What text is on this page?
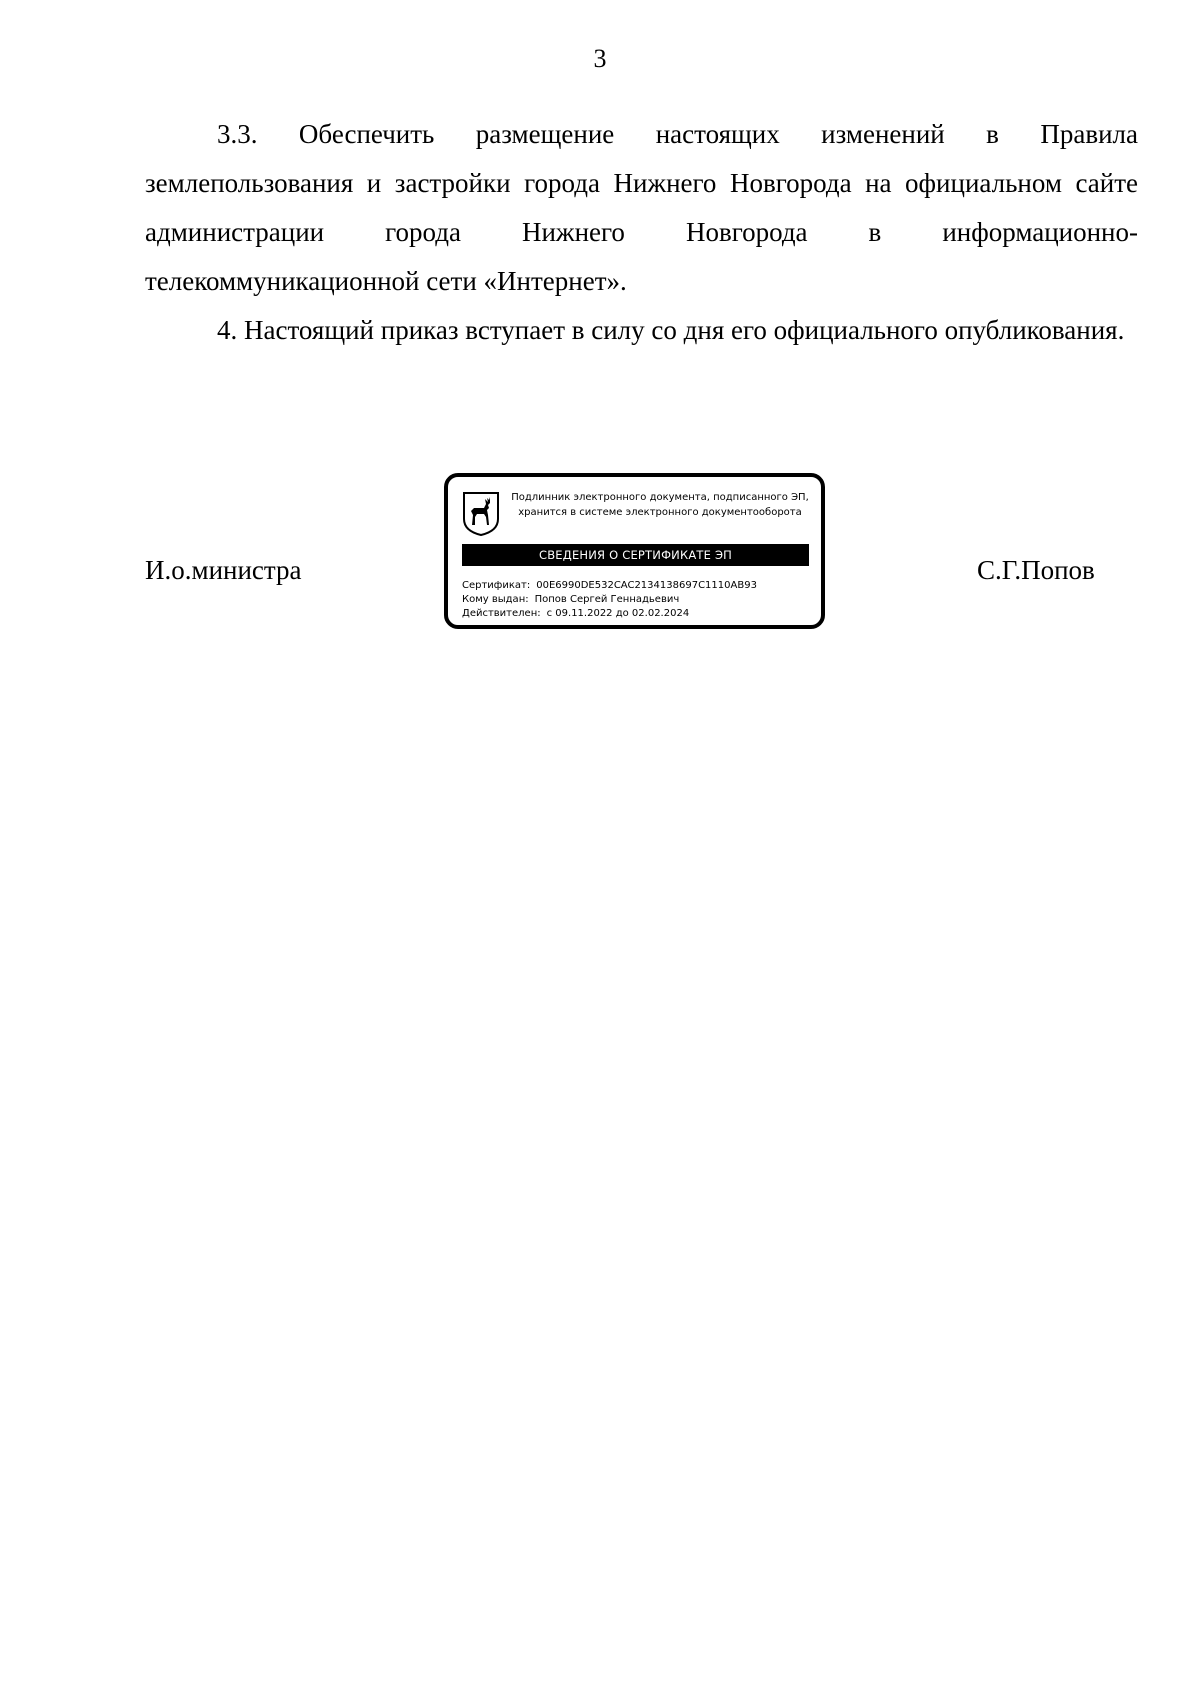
3
3.3. Обеспечить размещение настоящих изменений в Правила землепользования и застройки города Нижнего Новгорода на официальном сайте администрации города Нижнего Новгорода в информационно-телекоммуникационной сети «Интернет».
4. Настоящий приказ вступает в силу со дня его официального опубликования.
И.о.министра
Подлинник электронного документа, подписанного ЭП, хранится в системе электронного документооборота
СВЕДЕНИЯ О СЕРТИФИКАТЕ ЭП
Сертификат: 00E6990DE532CAC2134138697C1110AB93
Кому выдан: Попов Сергей Геннадьевич
Действителен: с 09.11.2022 до 02.02.2024
С.Г.Попов
